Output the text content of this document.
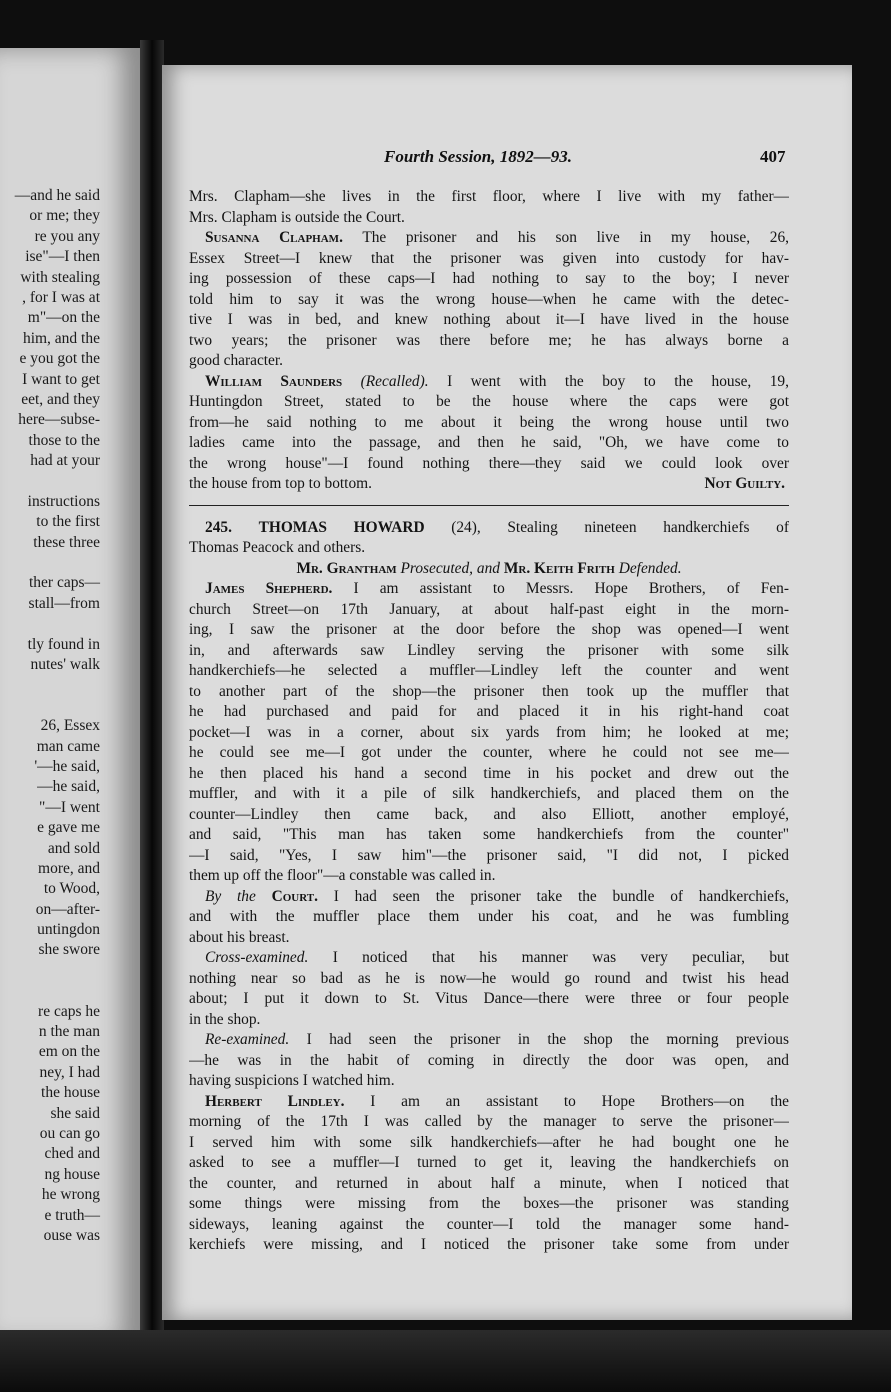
—and he said
or me; they
re you any
ise"—I then
with stealing
, for I was at
m"—on the
him, and the
e you got the
I want to get
eet, and they
here—subse-
those to the
had at your
instructions
to the first
these three
ther caps—
stall—from
tly found in
nutes' walk
26, Essex
man came
'—he said,
—he said,
"—I went
e gave me
and sold
more, and
to Wood,
on—after-
untingdon
she swore
re caps he
n the man
em on the
ney, I had
the house
she said
ou can go
ched and
ng house
he wrong
e truth—
ouse was
Fourth Session, 1892—93.	407
Mrs. Clapham—she lives in the first floor, where I live with my father—
Mrs. Clapham is outside the Court.
Susanna Clapham. The prisoner and his son live in my house, 26,
Essex Street—I knew that the prisoner was given into custody for hav-
ing possession of these caps—I had nothing to say to the boy; I never
told him to say it was the wrong house—when he came with the detec-
tive I was in bed, and knew nothing about it—I have lived in the house
two years; the prisoner was there before me; he has always borne a
good character.
William Saunders (Recalled). I went with the boy to the house, 19,
Huntingdon Street, stated to be the house where the caps were got
from—he said nothing to me about it being the wrong house until two
ladies came into the passage, and then he said, "Oh, we have come to
the wrong house"—I found nothing there—they said we could look over
the house from top to bottom.	Not Guilty.
245. THOMAS HOWARD (24), Stealing nineteen handkerchiefs of
Thomas Peacock and others.
Mr. Grantham Prosecuted, and Mr. Keith Frith Defended.
James Shepherd. I am assistant to Messrs. Hope Brothers, of Fen-
church Street—on 17th January, at about half-past eight in the morn-
ing, I saw the prisoner at the door before the shop was opened—I went
in, and afterwards saw Lindley serving the prisoner with some silk
handkerchiefs—he selected a muffler—Lindley left the counter and went
to another part of the shop—the prisoner then took up the muffler that
he had purchased and paid for and placed it in his right-hand coat
pocket—I was in a corner, about six yards from him; he looked at me;
he could see me—I got under the counter, where he could not see me—
he then placed his hand a second time in his pocket and drew out the
muffler, and with it a pile of silk handkerchiefs, and placed them on the
counter—Lindley then came back, and also Elliott, another employé,
and said, "This man has taken some handkerchiefs from the counter"
—I said, "Yes, I saw him"—the prisoner said, "I did not, I picked
them up off the floor"—a constable was called in.
By the Court. I had seen the prisoner take the bundle of handkerchiefs,
and with the muffler place them under his coat, and he was fumbling
about his breast.
Cross-examined. I noticed that his manner was very peculiar, but
nothing near so bad as he is now—he would go round and twist his head
about; I put it down to St. Vitus Dance—there were three or four people
in the shop.
Re-examined. I had seen the prisoner in the shop the morning previous
—he was in the habit of coming in directly the door was open, and
having suspicions I watched him.
Herbert Lindley. I am an assistant to Hope Brothers—on the
morning of the 17th I was called by the manager to serve the prisoner—
I served him with some silk handkerchiefs—after he had bought one he
asked to see a muffler—I turned to get it, leaving the handkerchiefs on
the counter, and returned in about half a minute, when I noticed that
some things were missing from the boxes—the prisoner was standing
sideways, leaning against the counter—I told the manager some hand-
kerchiefs were missing, and I noticed the prisoner take some from under
